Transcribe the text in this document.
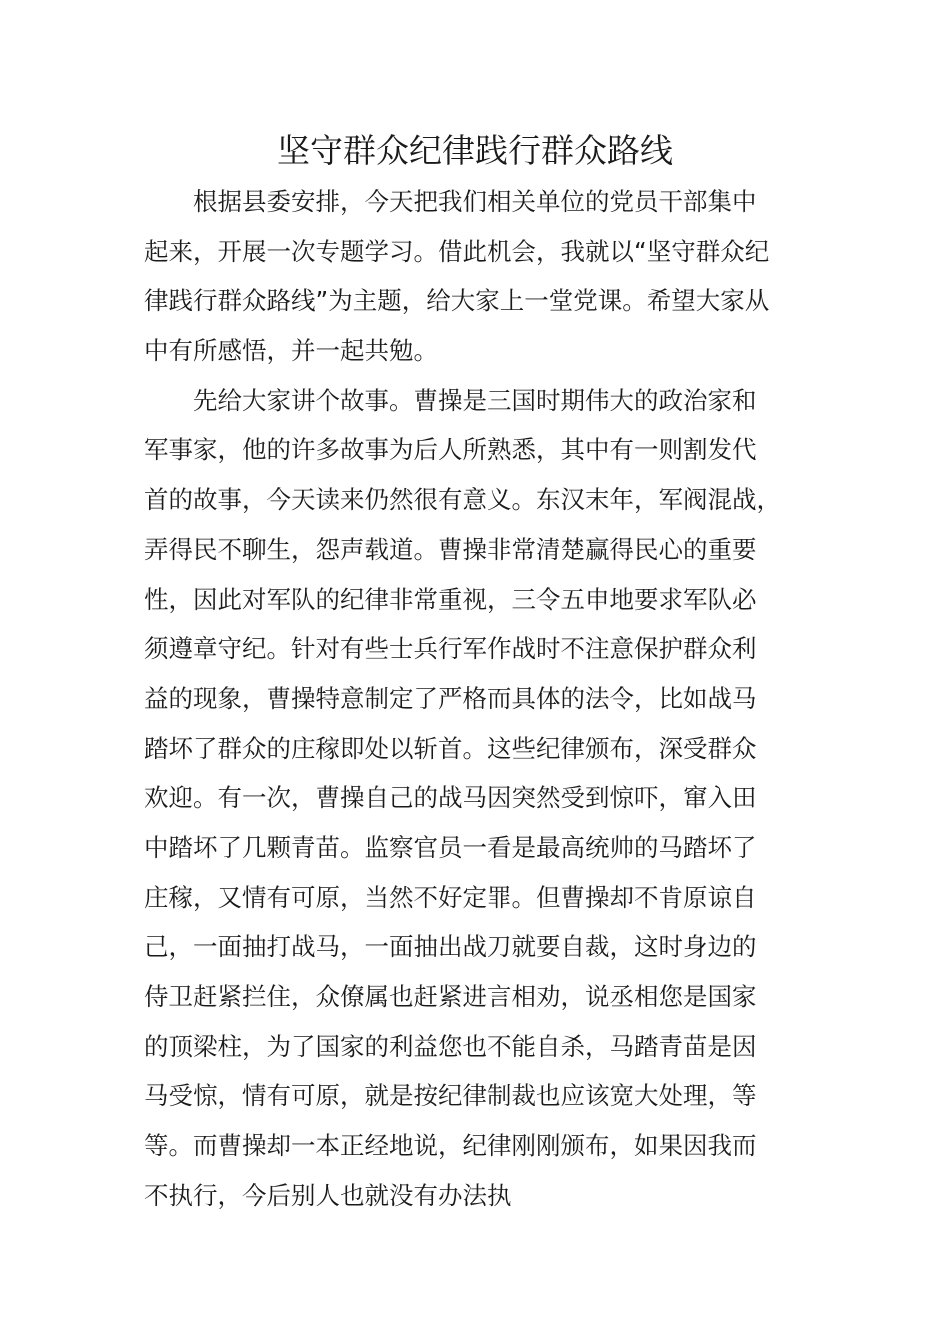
坚守群众纪律践行群众路线

根据县委安排，今天把我们相关单位的党员干部集中

起来，开展一次专题学习。借此机会，我就以“坚守群众纪

律践行群众路线”为主题，给大家上一堂党课。希望大家从

中有所感悟，并一起共勉。

先给大家讲个故事。曹操是三国时期伟大的政治家和

军事家，他的许多故事为后人所熟悉，其中有一则割发代

首的故事，今天读来仍然很有意义。东汉末年，军阀混战，

弄得民不聊生，怨声载道。曹操非常清楚赢得民心的重要

性，因此对军队的纪律非常重视，三令五申地要求军队必

须遵章守纪。针对有些士兵行军作战时不注意保护群众利

益的现象，曹操特意制定了严格而具体的法令，比如战马

踏坏了群众的庄稼即处以斩首。这些纪律颁布，深受群众

欢迎。有一次，曹操自己的战马因突然受到惊吓，窜入田

中踏坏了几颗青苗。监察官员一看是最高统帅的马踏坏了

庄稼，又情有可原，当然不好定罪。但曹操却不肯原谅自

己，一面抽打战马，一面抽出战刀就要自裁，这时身边的

侍卫赶紧拦住，众僚属也赶紧进言相劝，说丞相您是国家

的顶梁柱，为了国家的利益您也不能自杀，马踏青苗是因

马受惊，情有可原，就是按纪律制裁也应该宽大处理，等

等。而曹操却一本正经地说，纪律刚刚颁布，如果因我而

不执行，今后别人也就没有办法执
